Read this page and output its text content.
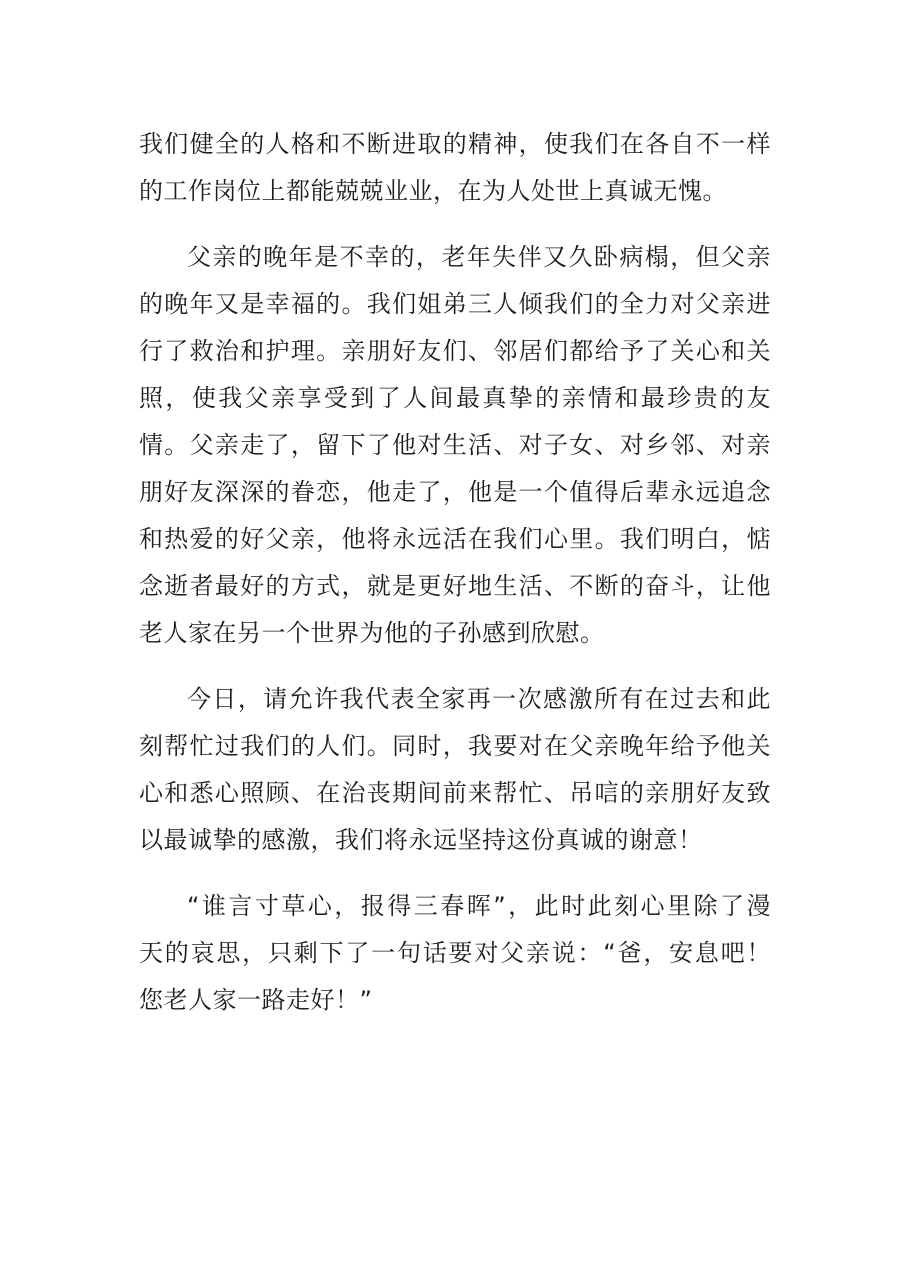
我们健全的人格和不断进取的精神，使我们在各自不一样
的工作岗位上都能兢兢业业，在为人处世上真诚无愧。

父亲的晚年是不幸的，老年失伴又久卧病榻，但父亲
的晚年又是幸福的。我们姐弟三人倾我们的全力对父亲进
行了救治和护理。亲朋好友们、邻居们都给予了关心和关
照，使我父亲享受到了人间最真挚的亲情和最珍贵的友
情。父亲走了，留下了他对生活、对子女、对乡邻、对亲
朋好友深深的眷恋，他走了，他是一个值得后辈永远追念
和热爱的好父亲，他将永远活在我们心里。我们明白，惦
念逝者最好的方式，就是更好地生活、不断的奋斗，让他
老人家在另一个世界为他的子孙感到欣慰。

今日，请允许我代表全家再一次感激所有在过去和此
刻帮忙过我们的人们。同时，我要对在父亲晚年给予他关
心和悉心照顾、在治丧期间前来帮忙、吊唁的亲朋好友致
以最诚挚的感激，我们将永远坚持这份真诚的谢意！

“谁言寸草心，报得三春晖”，此时此刻心里除了漫
天的哀思，只剩下了一句话要对父亲说：“爸，安息吧！
您老人家一路走好！”
